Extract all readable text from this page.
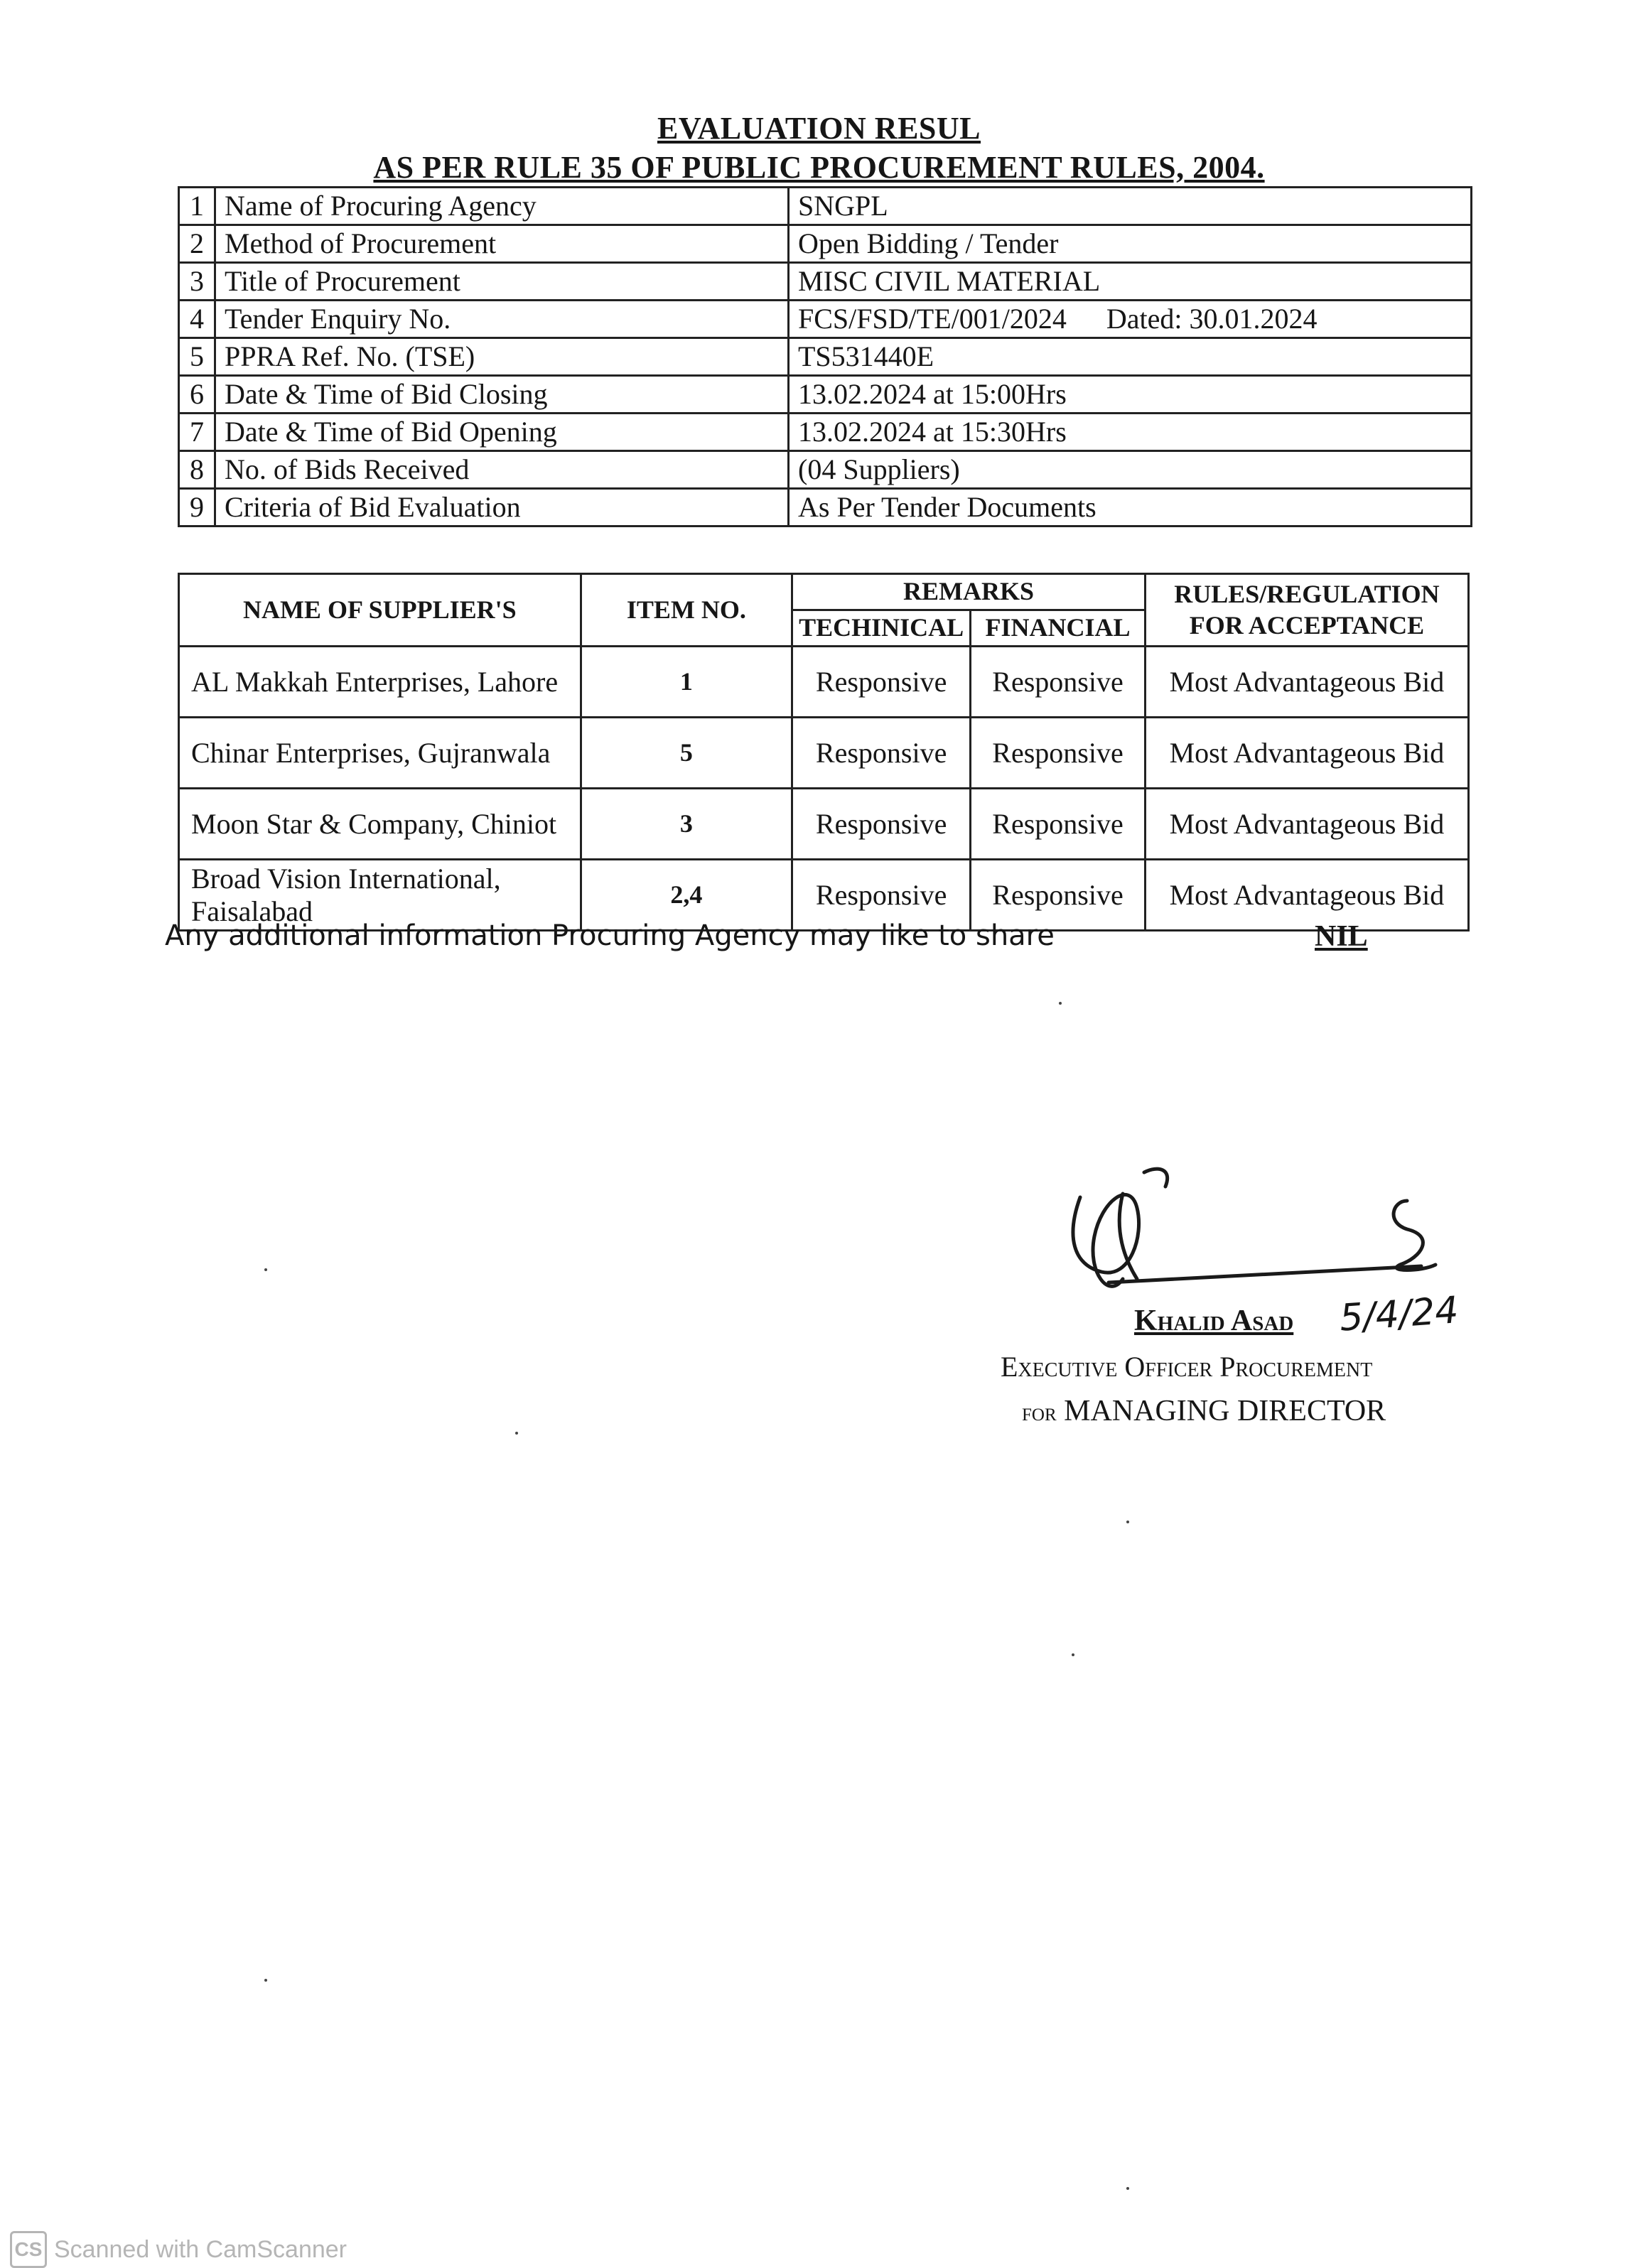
EVALUATION RESUL
AS PER RULE 35 OF PUBLIC PROCUREMENT RULES, 2004.
1	Name of Procuring Agency	SNGPL
2	Method of Procurement	Open Bidding / Tender
3	Title of Procurement	MISC CIVIL MATERIAL
4	Tender Enquiry No.	FCS/FSD/TE/001/2024 Dated: 30.01.2024
5	PPRA Ref. No. (TSE)	TS531440E
6	Date & Time of Bid Closing	13.02.2024 at 15:00Hrs
7	Date & Time of Bid Opening	13.02.2024 at 15:30Hrs
8	No. of Bids Received	(04 Suppliers)
9	Criteria of Bid Evaluation	As Per Tender Documents
NAME OF SUPPLIER'S	ITEM NO.	REMARKS		RULES/REGULATION FOR ACCEPTANCE
		TECHINICAL	FINANCIAL	
AL Makkah Enterprises, Lahore	1	Responsive	Responsive	Most Advantageous Bid
Chinar Enterprises, Gujranwala	5	Responsive	Responsive	Most Advantageous Bid
Moon Star & Company, Chiniot	3	Responsive	Responsive	Most Advantageous Bid
Broad Vision International, Faisalabad	2,4	Responsive	Responsive	Most Advantageous Bid
Any additional information Procuring Agency may like to share	NIL
Khalid Asad 5/4/24
Executive Officer Procurement
for MANAGING DIRECTOR
CS Scanned with CamScanner
